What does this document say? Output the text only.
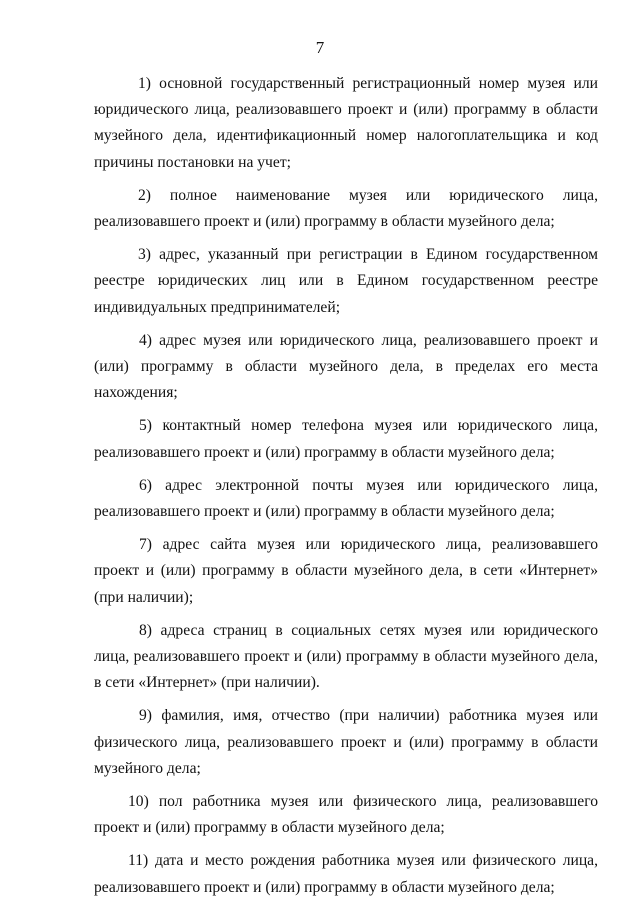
7

1) основной государственный регистрационный номер музея или юридического лица, реализовавшего проект и (или) программу в области музейного дела, идентификационный номер налогоплательщика и код причины постановки на учет;

2) полное наименование музея или юридического лица, реализовавшего проект и (или) программу в области музейного дела;

3) адрес, указанный при регистрации в Едином государственном реестре юридических лиц или в Едином государственном реестре индивидуальных предпринимателей;

4) адрес музея или юридического лица, реализовавшего проект и (или) программу в области музейного дела, в пределах его места нахождения;

5) контактный номер телефона музея или юридического лица, реализовавшего проект и (или) программу в области музейного дела;

6) адрес электронной почты музея или юридического лица, реализовавшего проект и (или) программу в области музейного дела;

7) адрес сайта музея или юридического лица, реализовавшего проект и (или) программу в области музейного дела, в сети «Интернет» (при наличии);

8) адреса страниц в социальных сетях музея или юридического лица, реализовавшего проект и (или) программу в области музейного дела, в сети «Интернет» (при наличии).

9) фамилия, имя, отчество (при наличии) работника музея или физического лица, реализовавшего проект и (или) программу в области музейного дела;

10) пол работника музея или физического лица, реализовавшего проект и (или) программу в области музейного дела;

11) дата и место рождения работника музея или физического лица, реализовавшего проект и (или) программу в области музейного дела;
